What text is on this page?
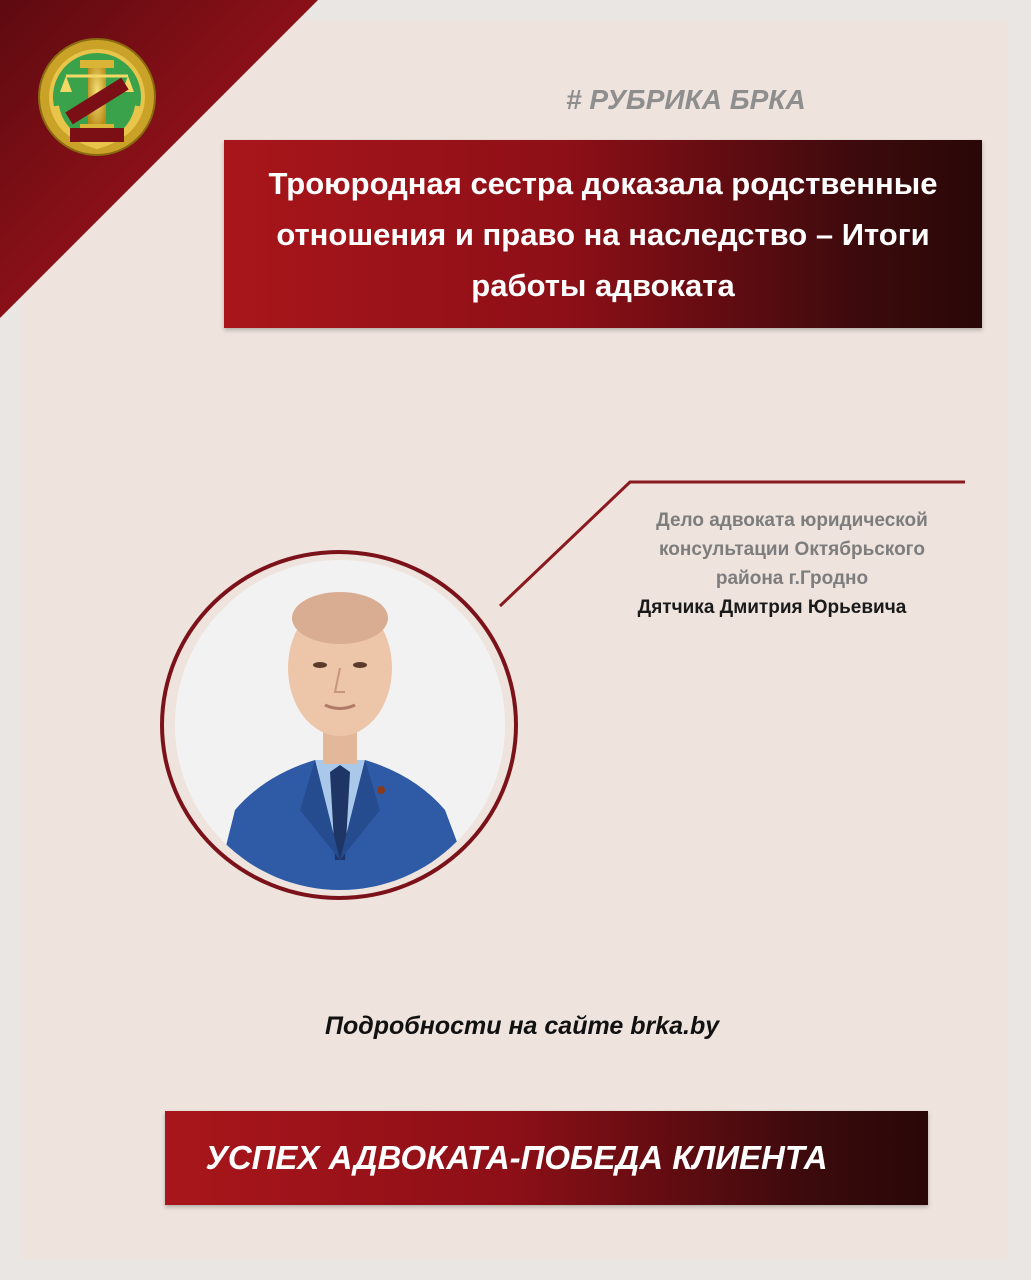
# РУБРИКА БРКА
Троюродная сестра доказала родственные отношения и право на наследство – Итоги работы адвоката
Дело адвоката юридической
консультации Октябрьского
района г.Гродно
Дятчика Дмитрия Юрьевича
Подробности на сайте brka.by
УСПЕХ АДВОКАТА-ПОБЕДА КЛИЕНТА
